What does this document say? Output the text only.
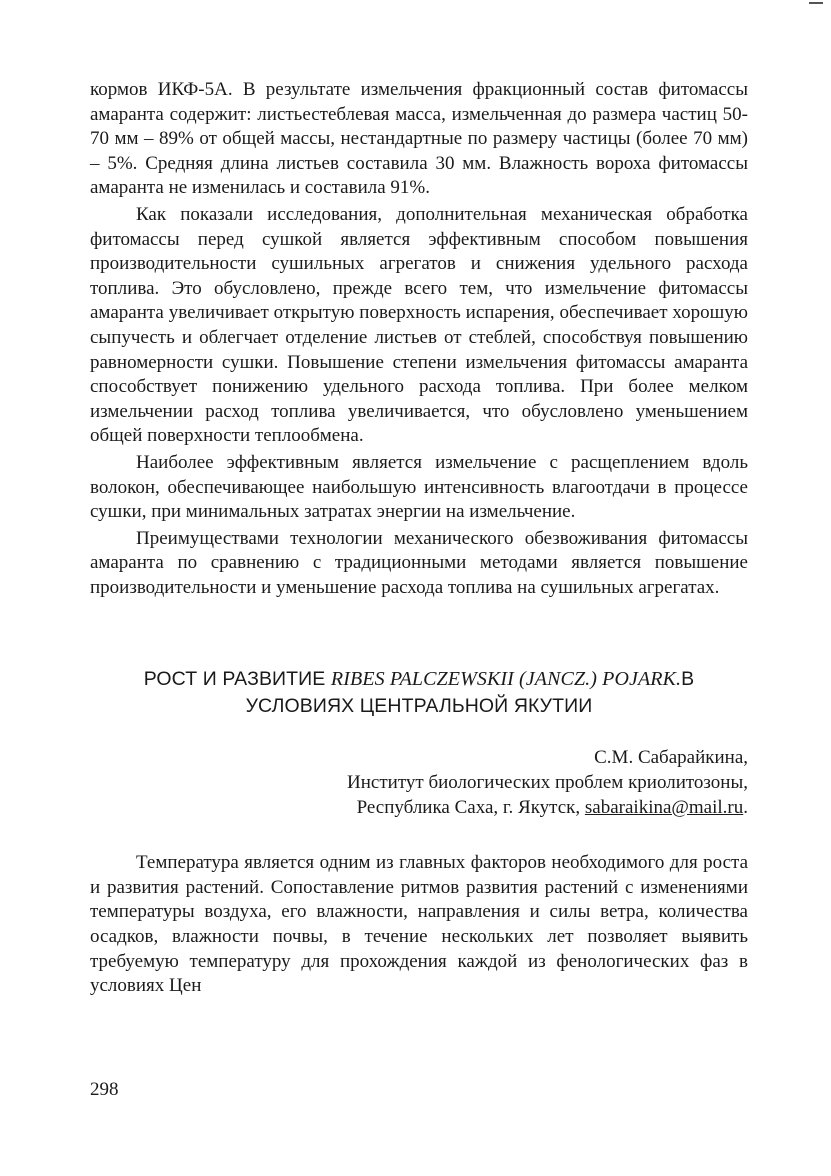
кормов ИКФ-5А. В результате измельчения фракционный состав фитомассы амаранта содержит: листьестеблевая масса, измельченная до размера частиц 50-70 мм – 89% от общей массы, нестандартные по размеру частицы (более 70 мм) – 5%. Средняя длина листьев составила 30 мм. Влажность вороха фитомассы амаранта не изменилась и составила 91%.

Как показали исследования, дополнительная механическая обработка фитомассы перед сушкой является эффективным способом повышения производительности сушильных агрегатов и снижения удельного расхода топлива. Это обусловлено, прежде всего тем, что измельчение фитомассы амаранта увеличивает открытую поверхность испарения, обеспечивает хорошую сыпучесть и облегчает отделение листьев от стеблей, способствуя повышению равномерности сушки. Повышение степени измельчения фитомассы амаранта способствует понижению удельного расхода топлива. При более мелком измельчении расход топлива увеличивается, что обусловлено уменьшением общей поверхности теплообмена.

Наиболее эффективным является измельчение с расщеплением вдоль волокон, обеспечивающее наибольшую интенсивность влагоотдачи в процессе сушки, при минимальных затратах энергии на измельчение.

Преимуществами технологии механического обезвоживания фитомассы амаранта по сравнению с традиционными методами является повышение производительности и уменьшение расхода топлива на сушильных агрегатах.

РОСТ И РАЗВИТИЕ RIBES PALCZEWSKII (JANCZ.) POJARK.В
УСЛОВИЯХ ЦЕНТРАЛЬНОЙ ЯКУТИИ
С.М. Сабарайкина,
Институт биологических проблем криолитозоны,
Республика Саха, г. Якутск, sabaraikina@mail.ru.

Температура является одним из главных факторов необходимого для роста и развития растений. Сопоставление ритмов развития растений с изменениями температуры воздуха, его влажности, направления и силы ветра, количества осадков, влажности почвы, в течение нескольких лет позволяет выявить требуемую температуру для прохождения каждой из фенологических фаз в условиях Цен

298
